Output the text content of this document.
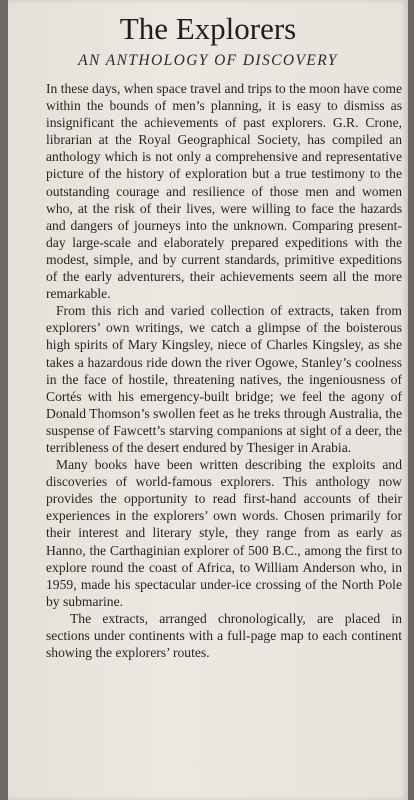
The Explorers
AN ANTHOLOGY OF DISCOVERY

In these days, when space travel and trips to the moon have come within the bounds of men’s planning, it is easy to dismiss as insignificant the achievements of past explorers. G.R. Crone, librarian at the Royal Geographical Society, has compiled an anthology which is not only a comprehensive and representative picture of the history of exploration but a true testimony to the outstanding courage and resilience of those men and women who, at the risk of their lives, were willing to face the hazards and dangers of journeys into the unknown. Comparing present-day large-scale and elaborately prepared expeditions with the modest, simple, and by current standards, primitive expeditions of the early adventurers, their achievements seem all the more remarkable.

From this rich and varied collection of extracts, taken from explorers’ own writings, we catch a glimpse of the boisterous high spirits of Mary Kingsley, niece of Charles Kingsley, as she takes a hazardous ride down the river Ogowe, Stanley’s coolness in the face of hostile, threatening natives, the ingeniousness of Cortés with his emergency-built bridge; we feel the agony of Donald Thomson’s swollen feet as he treks through Australia, the suspense of Fawcett’s starving companions at sight of a deer, the terribleness of the desert endured by Thesiger in Arabia.

Many books have been written describing the exploits and discoveries of world-famous explorers. This anthology now provides the opportunity to read first-hand accounts of their experiences in the explorers’ own words. Chosen primarily for their interest and literary style, they range from as early as Hanno, the Carthaginian explorer of 500 B.C., among the first to explore round the coast of Africa, to William Anderson who, in 1959, made his spectacular under-ice crossing of the North Pole by submarine.

The extracts, arranged chronologically, are placed in sections under continents with a full-page map to each continent showing the explorers’ routes.
